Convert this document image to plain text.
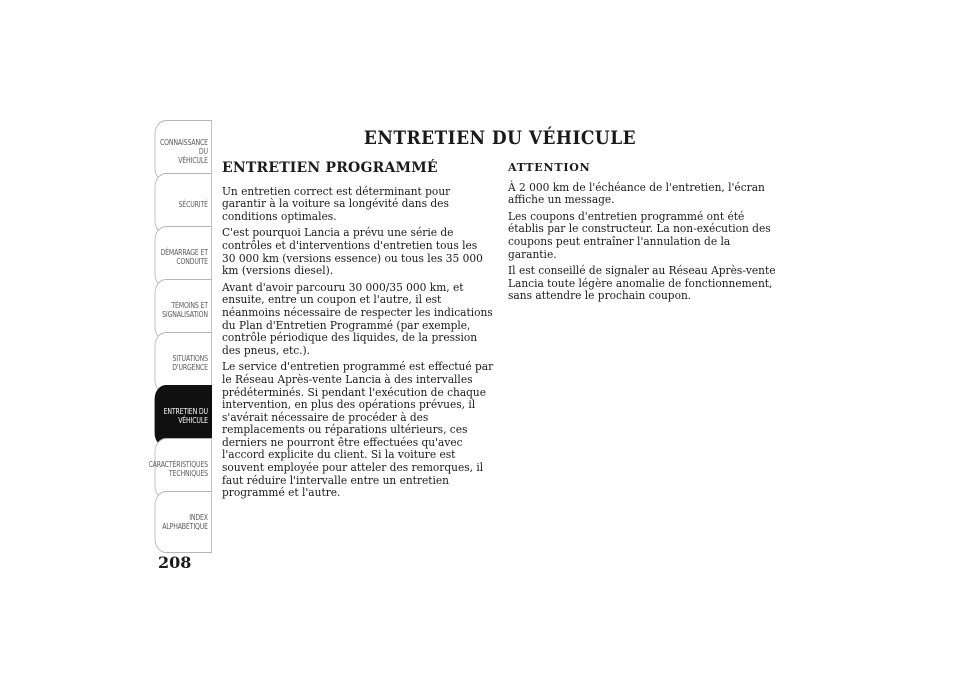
CONNAISSANCE DU
VÉHICULE
SÉCURITÉ
DÉMARRAGE ET
CONDUITE
TÉMOINS ET
SIGNALISATION
SITUATIONS
D'URGENCE
ENTRETIEN DU
VÉHICULE
CARACTÉRISTIQUES
TECHNIQUES
INDEX
ALPHABÉTIQUE
208
ENTRETIEN DU VÉHICULE
ENTRETIEN PROGRAMMÉ

Un entretien correct est déterminant pour garantir à la voiture sa longévité dans des conditions optimales.

C'est pourquoi Lancia a prévu une série de contrôles et d'interventions d'entretien tous les 30 000 km (versions essence) ou tous les 35 000 km (versions diesel).

Avant d'avoir parcouru 30 000/35 000 km, et ensuite, entre un coupon et l'autre, il est néanmoins nécessaire de respecter les indications du Plan d'Entretien Programmé (par exemple, contrôle périodique des liquides, de la pression des pneus, etc.).

Le service d'entretien programmé est effectué par le Réseau Après-vente Lancia à des intervalles prédéterminés. Si pendant l'exécution de chaque intervention, en plus des opérations prévues, il s'avérait nécessaire de procéder à des remplacements ou réparations ultérieurs, ces derniers ne pourront être effectuées qu'avec l'accord explicite du client. Si la voiture est souvent employée pour atteler des remorques, il faut réduire l'intervalle entre un entretien programmé et l'autre.

ATTENTION

À 2 000 km de l'échéance de l'entretien, l'écran affiche un message.

Les coupons d'entretien programmé ont été établis par le constructeur. La non-exécution des coupons peut entraîner l'annulation de la garantie.

Il est conseillé de signaler au Réseau Après-vente Lancia toute légère anomalie de fonctionnement, sans attendre le prochain coupon.
